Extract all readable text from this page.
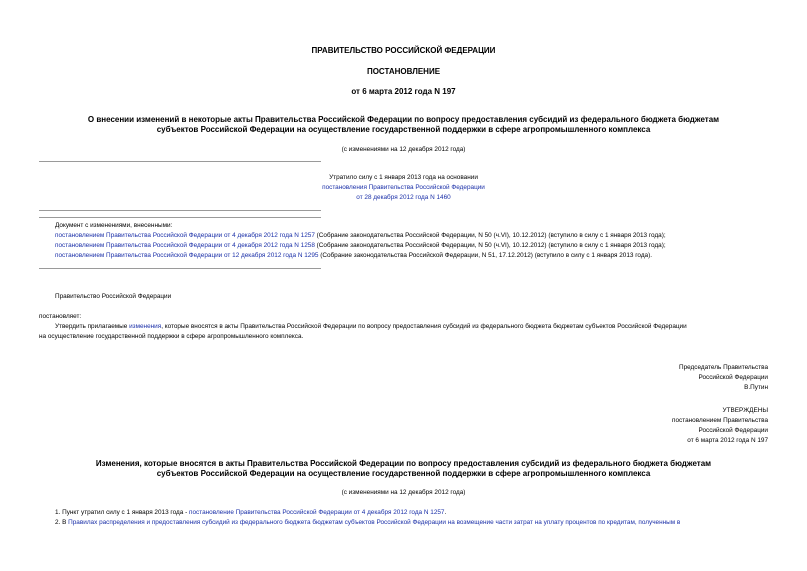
ПРАВИТЕЛЬСТВО РОССИЙСКОЙ ФЕДЕРАЦИИ
ПОСТАНОВЛЕНИЕ
от 6 марта 2012 года N 197
О внесении изменений в некоторые акты Правительства Российской Федерации по вопросу предоставления субсидий из федерального бюджета бюджетам
субъектов Российской Федерации на осуществление государственной поддержки в сфере агропромышленного комплекса
(с изменениями на 12 декабря 2012 года)
Утратило силу с 1 января 2013 года на основании
постановления Правительства Российской Федерации
от 28 декабря 2012 года N 1460
Документ с изменениями, внесенными:
постановлением Правительства Российской Федерации от 4 декабря 2012 года N 1257 (Собрание законодательства Российской Федерации, N 50 (ч.VI), 10.12.2012) (вступило в силу с 1 января 2013 года);
постановлением Правительства Российской Федерации от 4 декабря 2012 года N 1258 (Собрание законодательства Российской Федерации, N 50 (ч.VI), 10.12.2012) (вступило в силу с 1 января 2013 года);
постановлением Правительства Российской Федерации от 12 декабря 2012 года N 1295 (Собрание законодательства Российской Федерации, N 51, 17.12.2012) (вступило в силу с 1 января 2013 года).
Правительство Российской Федерации
постановляет:
Утвердить прилагаемые изменения, которые вносятся в акты Правительства Российской Федерации по вопросу предоставления субсидий из федерального бюджета бюджетам субъектов Российской Федерации
на осуществление государственной поддержки в сфере агропромышленного комплекса.
Председатель Правительства
Российской Федерации
В.Путин
УТВЕРЖДЕНЫ
постановлением Правительства
Российской Федерации
от 6 марта 2012 года N 197
Изменения, которые вносятся в акты Правительства Российской Федерации по вопросу предоставления субсидий из федерального бюджета бюджетам
субъектов Российской Федерации на осуществление государственной поддержки в сфере агропромышленного комплекса
(с изменениями на 12 декабря 2012 года)
1. Пункт утратил силу с 1 января 2013 года - постановление Правительства Российской Федерации от 4 декабря 2012 года N 1257.
2. В Правилах распределения и предоставления субсидий из федерального бюджета бюджетам субъектов Российской Федерации на возмещение части затрат на уплату процентов по кредитам, полученным в
